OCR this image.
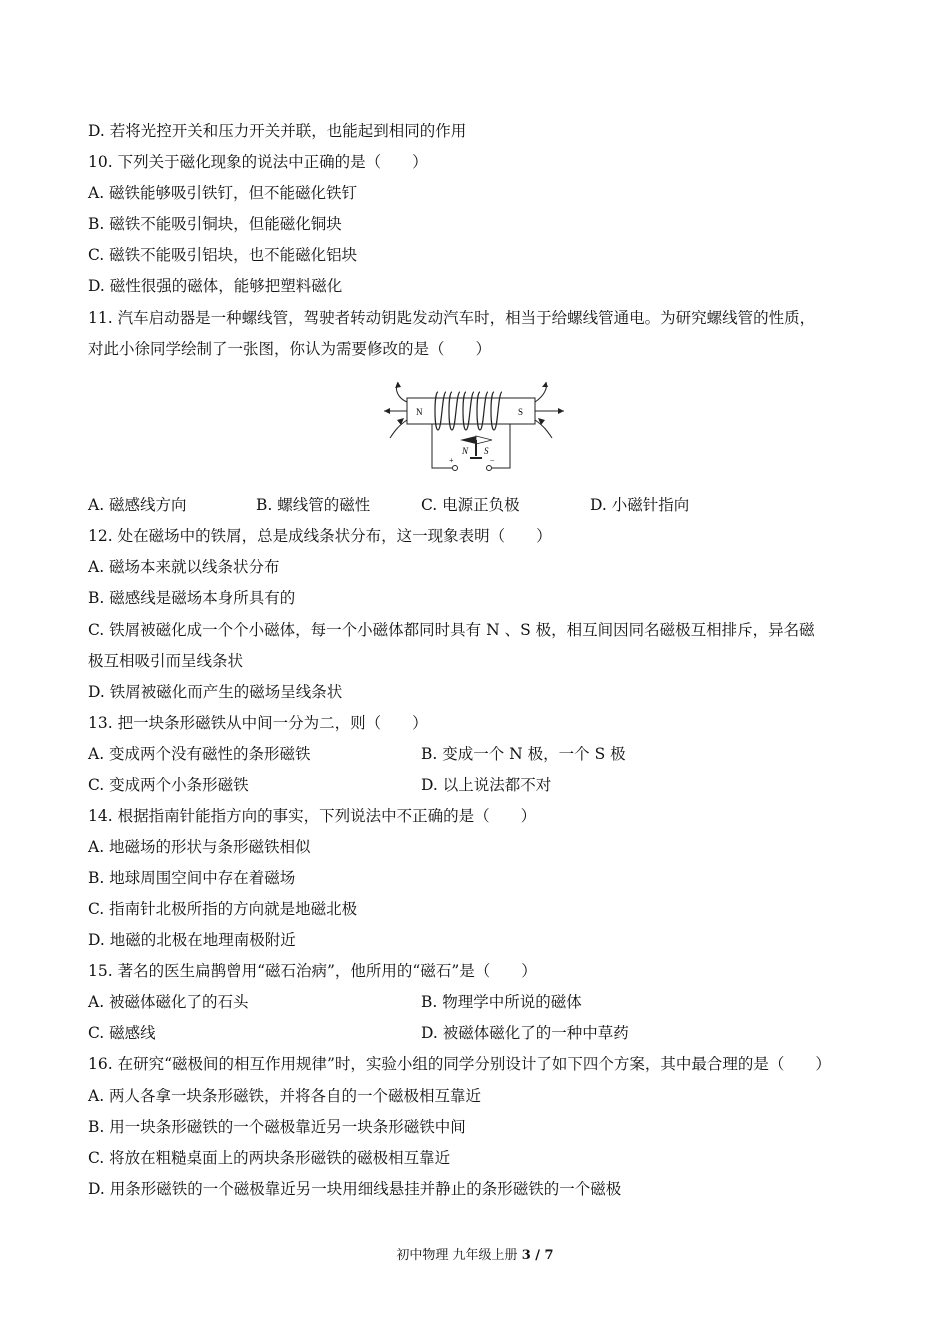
D. 若将光控开关和压力开关并联，也能起到相同的作用
10. 下列关于磁化现象的说法中正确的是（　　）
A. 磁铁能够吸引铁钉，但不能磁化铁钉
B. 磁铁不能吸引铜块，但能磁化铜块
C. 磁铁不能吸引铝块，也不能磁化铝块
D. 磁性很强的磁体，能够把塑料磁化
11. 汽车启动器是一种螺线管，驾驶者转动钥匙发动汽车时，相当于给螺线管通电。为研究螺线管的性质，
对此小徐同学绘制了一张图，你认为需要修改的是（　　）
N	S
+	−
N S
A. 磁感线方向	B. 螺线管的磁性	C. 电源正负极	D. 小磁针指向
12. 处在磁场中的铁屑，总是成线条状分布，这一现象表明（　　）
A. 磁场本来就以线条状分布
B. 磁感线是磁场本身所具有的
C. 铁屑被磁化成一个个小磁体，每一个小磁体都同时具有 N 、S 极，相互间因同名磁极互相排斥，异名磁
极互相吸引而呈线条状
D. 铁屑被磁化而产生的磁场呈线条状
13. 把一块条形磁铁从中间一分为二，则（　　）
A. 变成两个没有磁性的条形磁铁	B. 变成一个 N 极，一个 S 极
C. 变成两个小条形磁铁	D. 以上说法都不对
14. 根据指南针能指方向的事实，下列说法中不正确的是（　　）
A. 地磁场的形状与条形磁铁相似
B. 地球周围空间中存在着磁场
C. 指南针北极所指的方向就是地磁北极
D. 地磁的北极在地理南极附近
15. 著名的医生扁鹊曾用“磁石治病”，他所用的“磁石”是（　　）
A. 被磁体磁化了的石头	B. 物理学中所说的磁体
C. 磁感线	D. 被磁体磁化了的一种中草药
16. 在研究“磁极间的相互作用规律”时，实验小组的同学分别设计了如下四个方案，其中最合理的是（　　）
A. 两人各拿一块条形磁铁，并将各自的一个磁极相互靠近
B. 用一块条形磁铁的一个磁极靠近另一块条形磁铁中间
C. 将放在粗糙桌面上的两块条形磁铁的磁极相互靠近
D. 用条形磁铁的一个磁极靠近另一块用细线悬挂并静止的条形磁铁的一个磁极
初中物理 九年级上册 3 / 7
